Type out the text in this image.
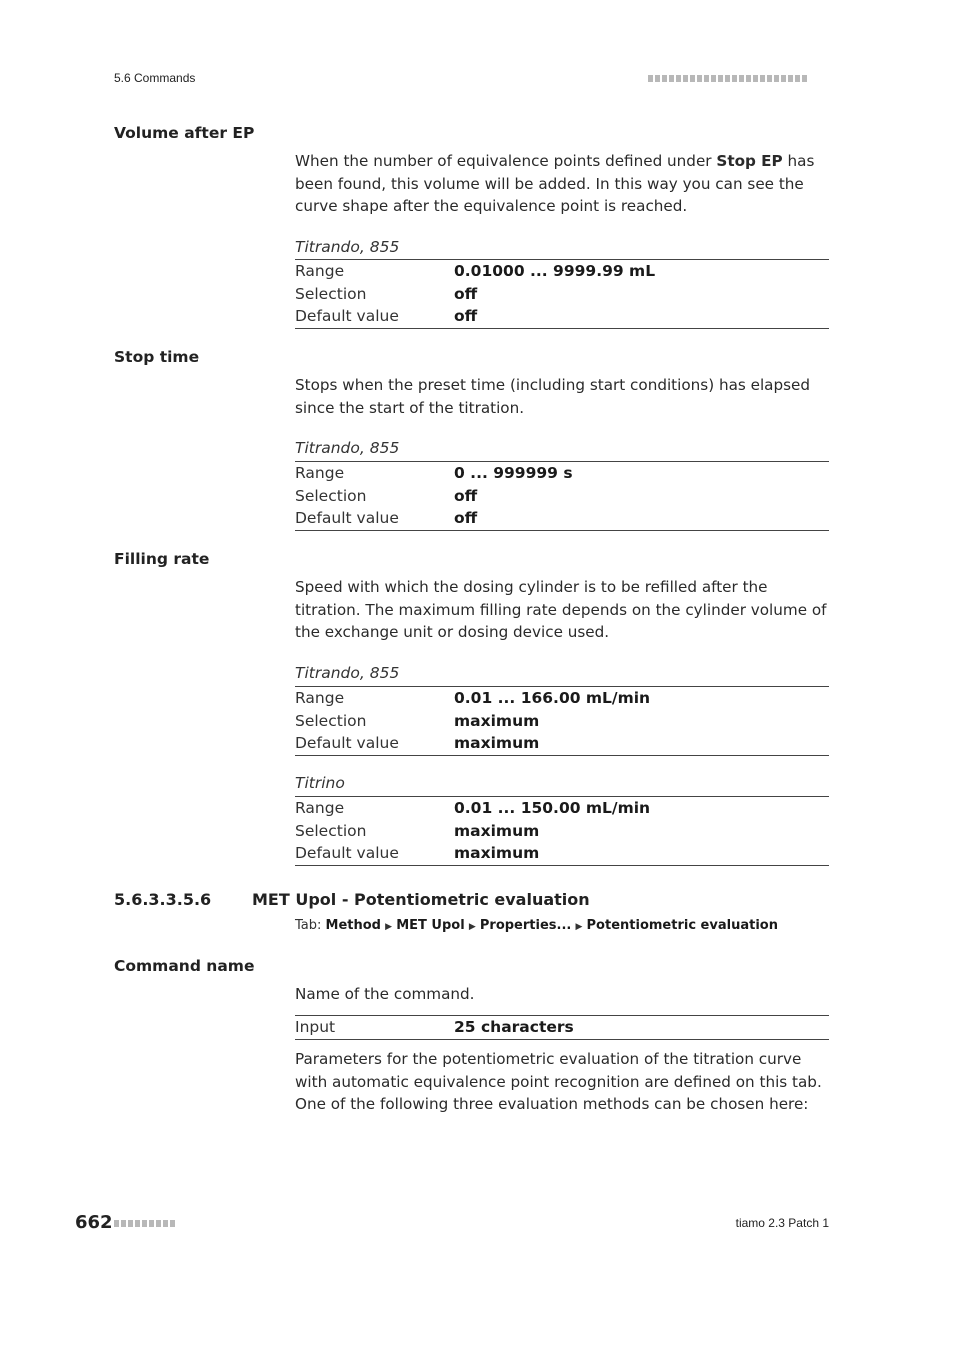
5.6 Commands
Volume after EP
When the number of equivalence points defined under Stop EP has been found, this volume will be added. In this way you can see the curve shape after the equivalence point is reached.
Titrando, 855
Range	0.01000 ... 9999.99 mL
Selection	off
Default value	off
Stop time
Stops when the preset time (including start conditions) has elapsed since the start of the titration.
Titrando, 855
Range	0 ... 999999 s
Selection	off
Default value	off
Filling rate
Speed with which the dosing cylinder is to be refilled after the titration. The maximum filling rate depends on the cylinder volume of the exchange unit or dosing device used.
Titrando, 855
Range	0.01 ... 166.00 mL/min
Selection	maximum
Default value	maximum
Titrino
Range	0.01 ... 150.00 mL/min
Selection	maximum
Default value	maximum
5.6.3.3.5.6	MET Upol - Potentiometric evaluation
Tab: Method ▶ MET Upol ▶ Properties... ▶ Potentiometric evaluation
Command name
Name of the command.
Input	25 characters
Parameters for the potentiometric evaluation of the titration curve with automatic equivalence point recognition are defined on this tab. One of the following three evaluation methods can be chosen here:
662	tiamo 2.3 Patch 1
